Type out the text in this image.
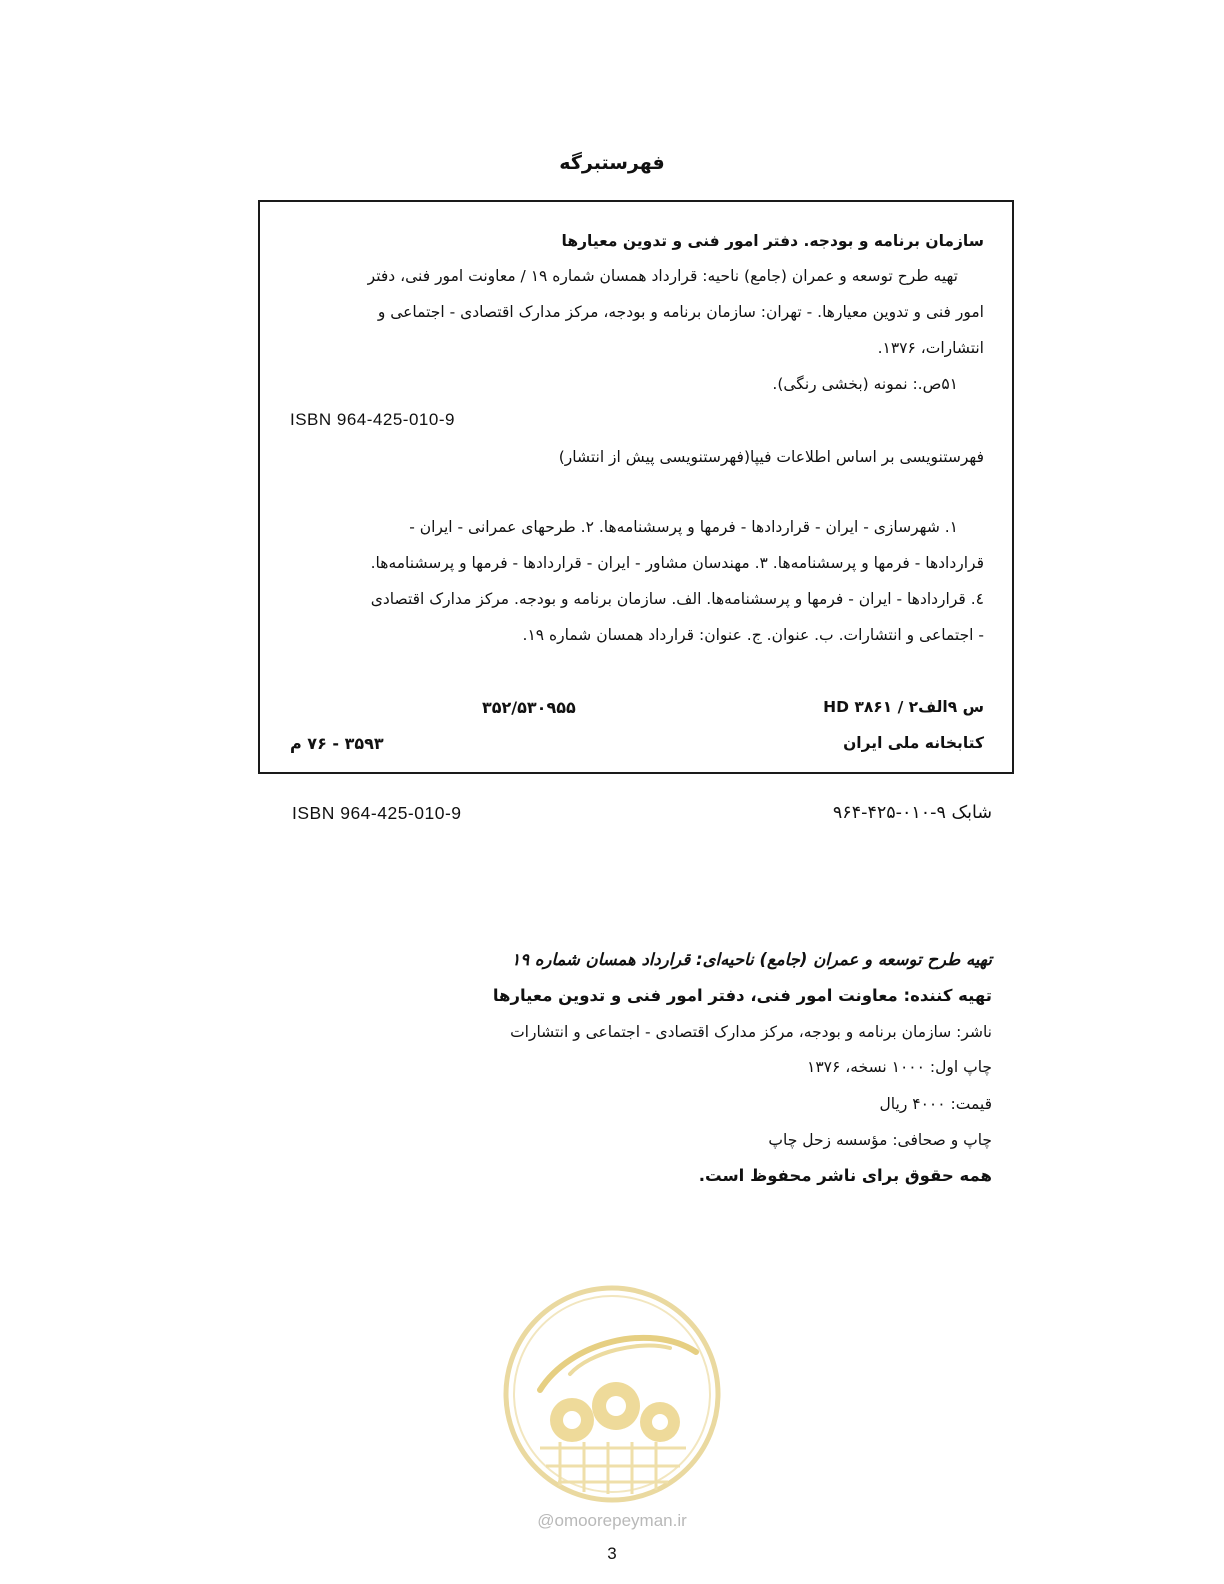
فهرستبرگه
سازمان برنامه و بودجه. دفتر امور فنی و تدوین معیارها
تهیه طرح توسعه و عمران (جامع) ناحیه: قرارداد همسان شماره ۱۹ / معاونت امور فنی، دفتر
امور فنی و تدوین معیارها. - تهران: سازمان برنامه و بودجه، مرکز مدارک اقتصادی - اجتماعی و
انتشارات، ۱۳۷۶.
۵۱ص.: نمونه (بخشی رنگی).
ISBN 964-425-010-9
فهرستنویسی بر اساس اطلاعات فیپا(فهرستنویسی پیش از انتشار)
۱. شهرسازی - ایران - قراردادها - فرمها و پرسشنامه‌ها. ۲. طرحهای عمرانی - ایران -
قراردادها - فرمها و پرسشنامه‌ها. ۳. مهندسان مشاور - ایران - قراردادها - فرمها و پرسشنامه‌ها.
٤. قراردادها - ایران - فرمها و پرسشنامه‌ها. الف. سازمان برنامه و بودجه. مرکز مدارک اقتصادی
- اجتماعی و انتشارات. ب. عنوان. ج. عنوان: قرارداد همسان شماره ۱۹.
HD ۳۸۶۱ / ۲س ۹الف
۳۵۲/۵۳۰۹۵۵
کتابخانه ملی ایران
۳۵۹۳ - ۷۶ م
ISBN 964-425-010-9	شابک ۹-۰۱۰-۴۲۵-۹۶۴
تهیه طرح توسعه و عمران (جامع) ناحیه‌ای: قرارداد همسان شماره ۱۹
تهیه کننده: معاونت امور فنی، دفتر امور فنی و تدوین معیارها
ناشر: سازمان برنامه و بودجه، مرکز مدارک اقتصادی - اجتماعی و انتشارات
چاپ اول: ۱۰۰۰ نسخه، ۱۳۷۶
قیمت: ۴۰۰۰ ریال
چاپ و صحافی: مؤسسه زحل چاپ
همه حقوق برای ناشر محفوظ است.
@omoorepeyman.ir
3
